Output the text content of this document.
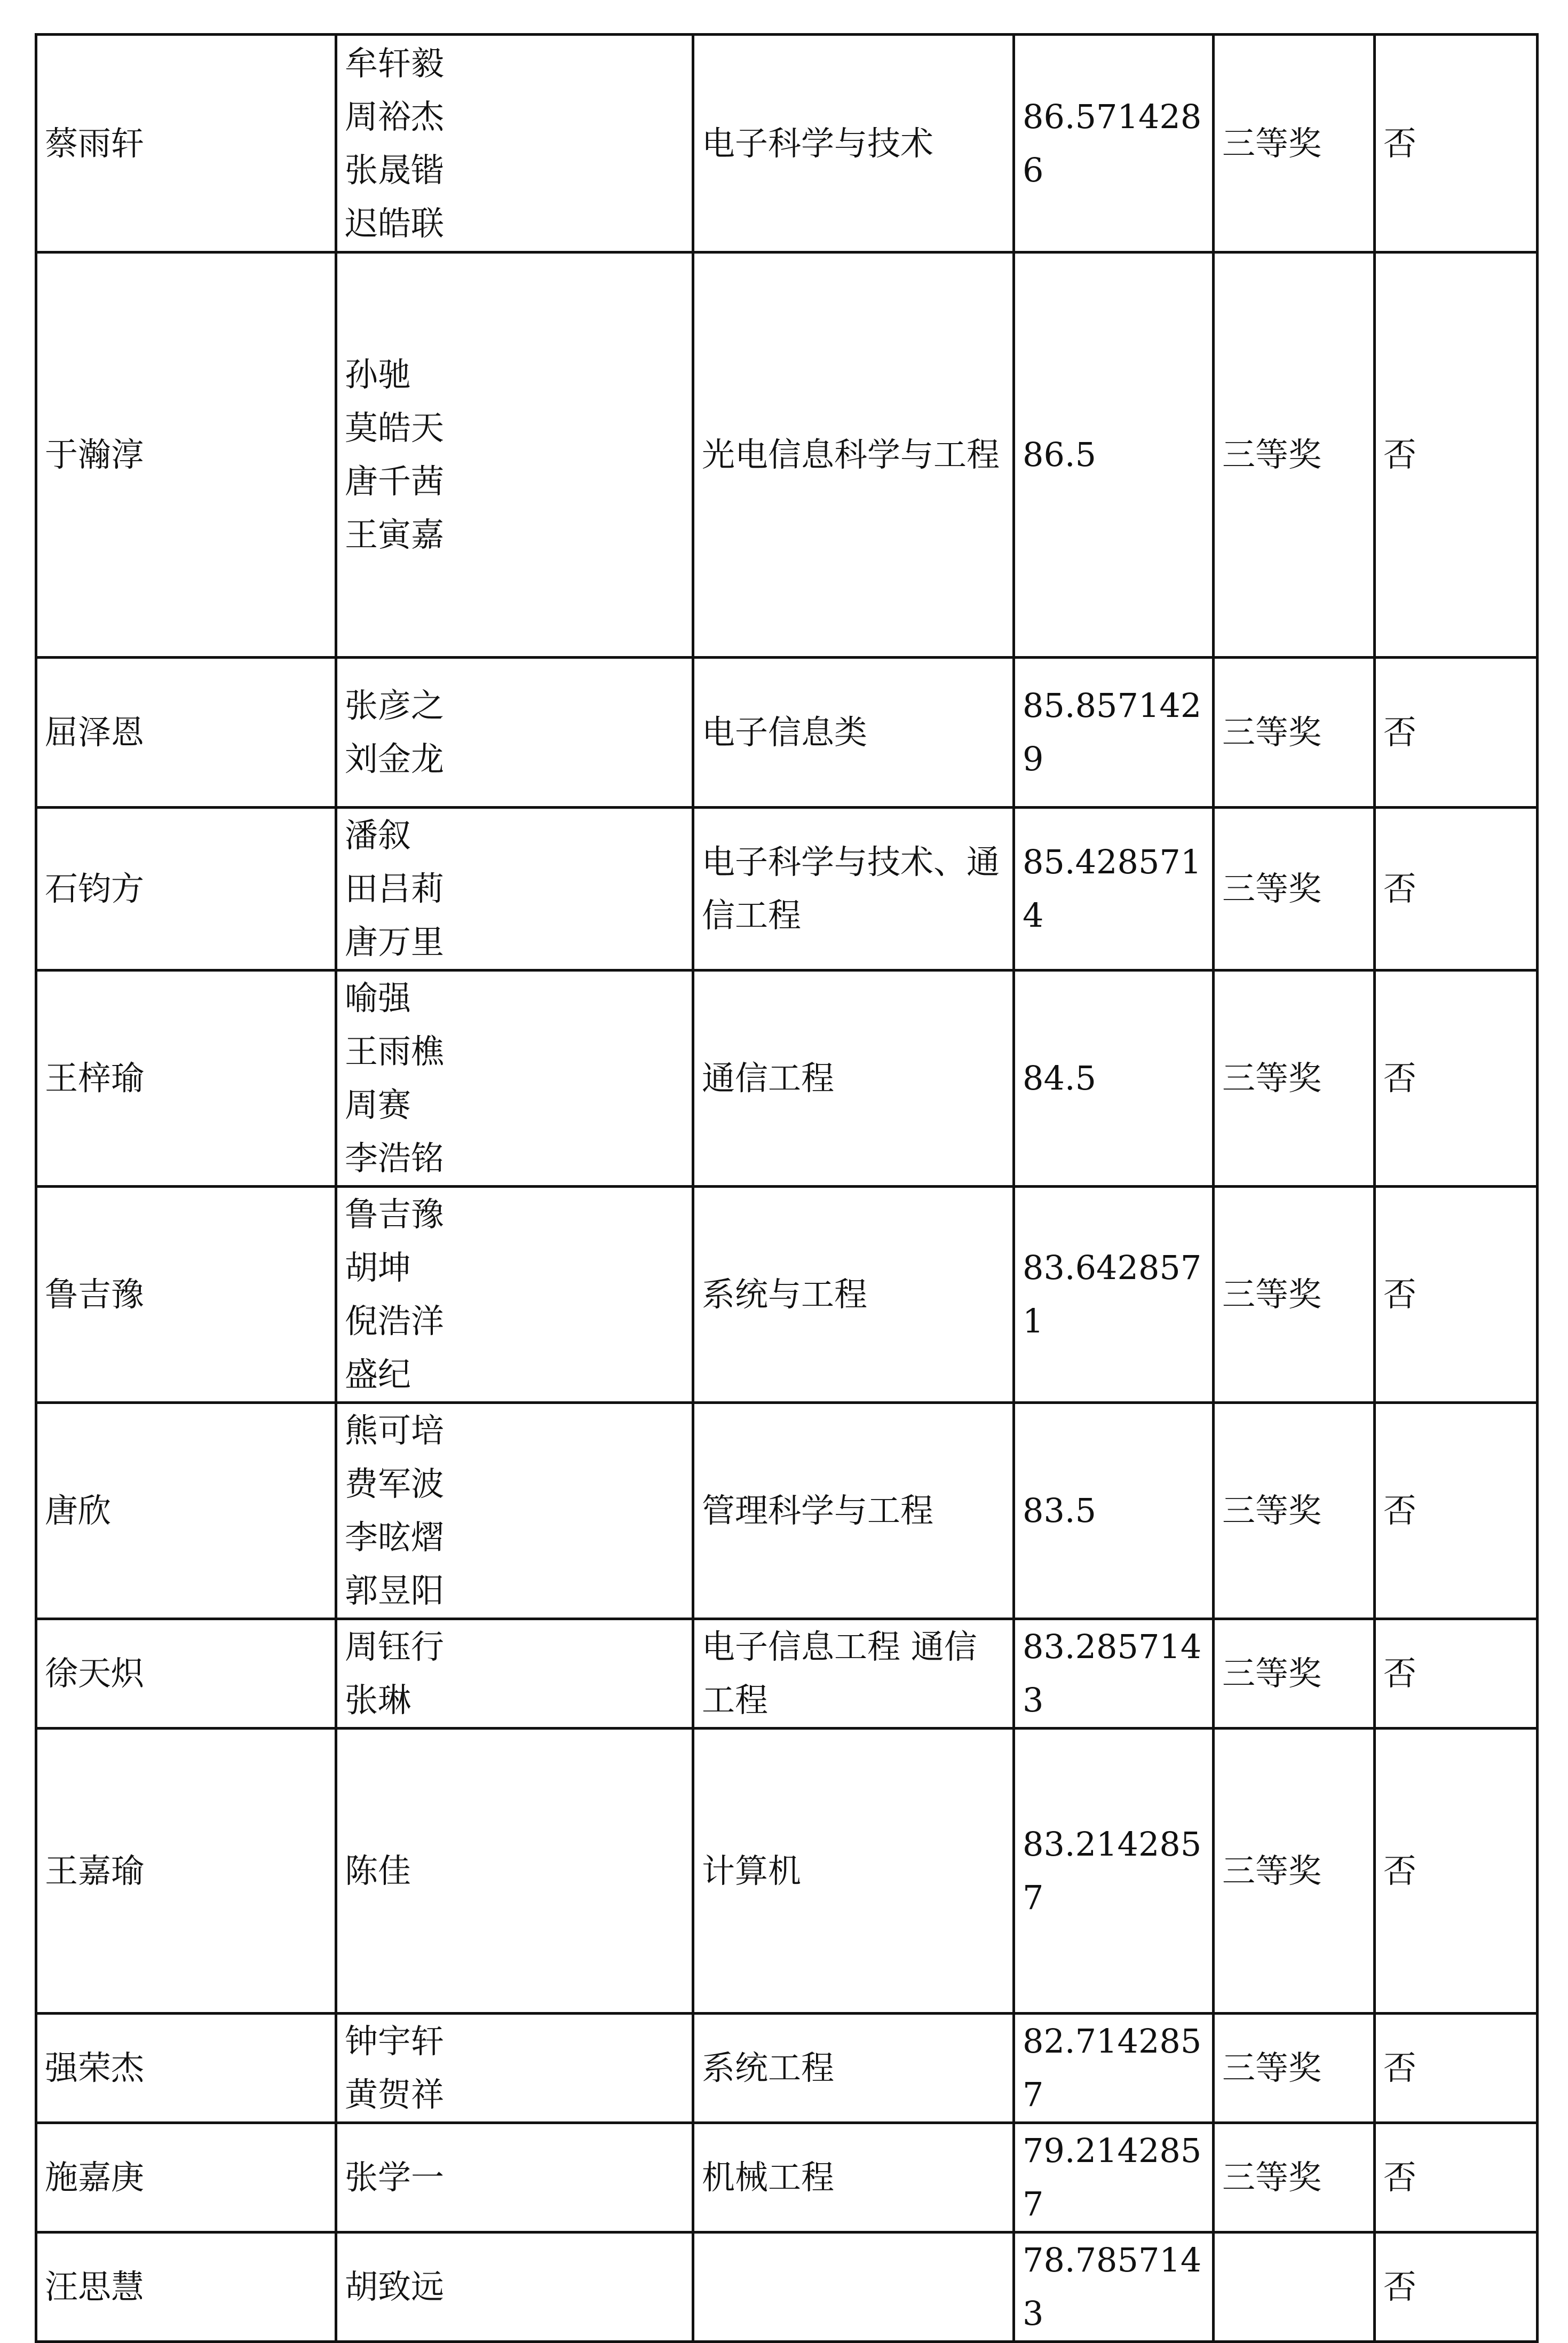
蔡雨轩	牟轩毅
周裕杰
张晟锴
迟皓联	电子科学与技术	86.5714286	三等奖	否
于瀚淳	孙驰
莫皓天
唐千茜
王寅嘉	光电信息科学与工程	86.5	三等奖	否
屈泽恩	张彦之
刘金龙	电子信息类	85.8571429	三等奖	否
石钧方	潘叙
田吕莉
唐万里	电子科学与技术、通信工程	85.4285714	三等奖	否
王梓瑜	喻强
王雨樵
周赛
李浩铭	通信工程	84.5	三等奖	否
鲁吉豫	鲁吉豫
胡坤
倪浩洋
盛纪	系统与工程	83.6428571	三等奖	否
唐欣	熊可培
费军波
李昡熠
郭昱阳	管理科学与工程	83.5	三等奖	否
徐天炽	周钰行
张琳	电子信息工程 通信工程	83.2857143	三等奖	否
王嘉瑜	陈佳	计算机	83.2142857	三等奖	否
强荣杰	钟宇轩
黄贺祥	系统工程	82.7142857	三等奖	否
施嘉庚	张学一	机械工程	79.2142857	三等奖	否
汪思慧	胡致远		78.7857143		否
